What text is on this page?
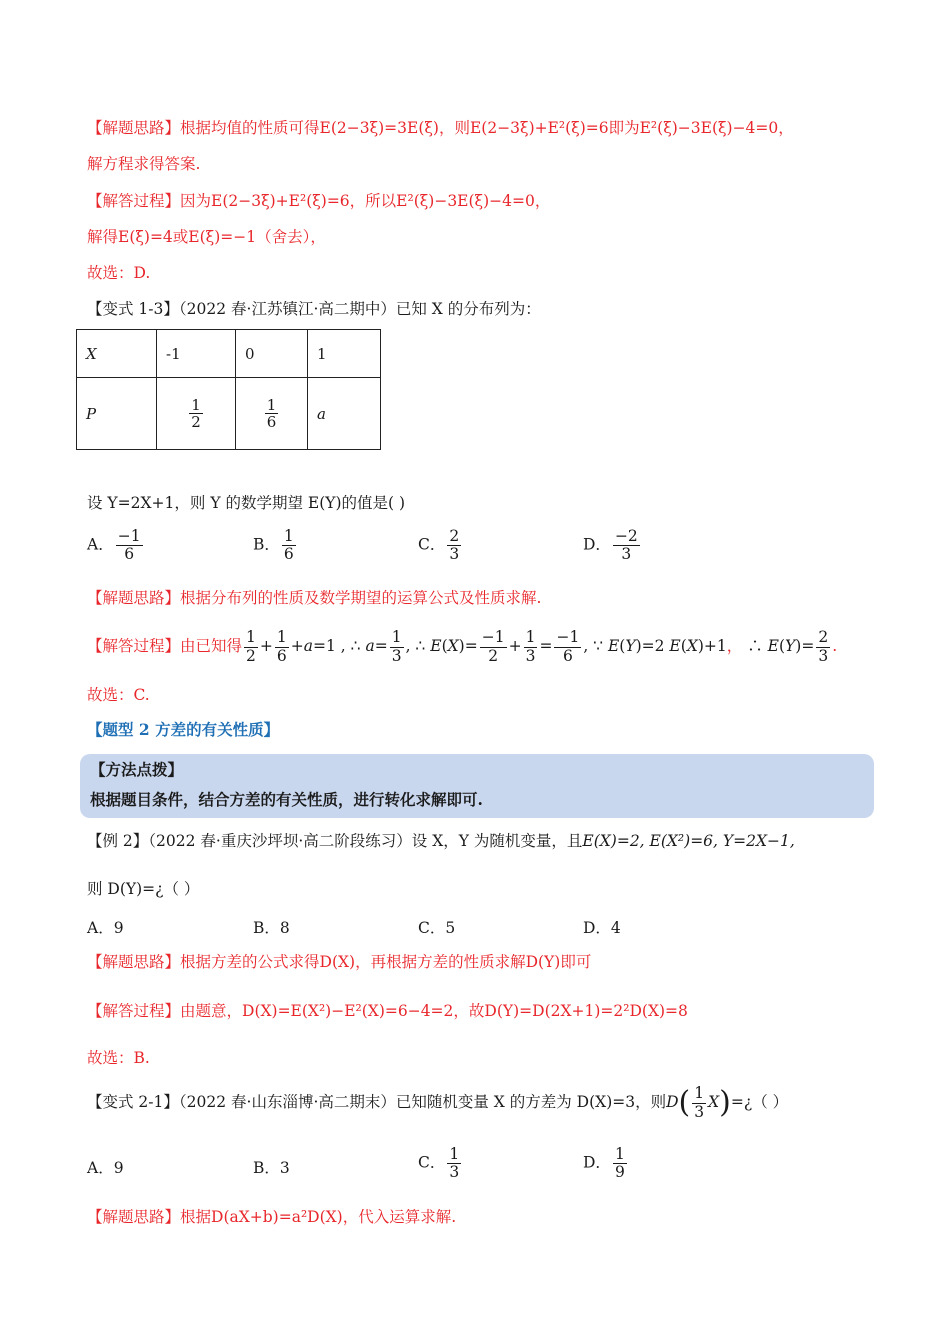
【解题思路】根据均值的性质可得E(2−3ξ)=3E(ξ)，则E(2−3ξ)+E²(ξ)=6即为E²(ξ)−3E(ξ)−4=0，
解方程求得答案.
【解答过程】因为E(2−3ξ)+E²(ξ)=6，所以E²(ξ)−3E(ξ)−4=0，
解得E(ξ)=4或E(ξ)=−1（舍去），
故选：D.
【变式 1-3】（2022 春·江苏镇江·高二期中）已知 X 的分布列为：
X	-1	0	1
P	$\frac{1}{2}$	$\frac{1}{6}$	a
设 Y=2X+1，则 Y 的数学期望 E(Y)的值是( )
A． $\frac{-1}{6}$	B． $\frac{1}{6}$	C． $\frac{2}{3}$	D． $\frac{-2}{3}$
【解题思路】根据分布列的性质及数学期望的运算公式及性质求解.
【解答过程】由已知得 $\frac{1}{2} + \frac{1}{6} +a=1$ , ∴ $a= \frac{1}{3}$ , ∴ $E(X)= \frac{-1}{2} + \frac{1}{3} = \frac{-1}{6}$ , ∵ E(Y)=2 E(X)+1， ∴ $E(Y)= \frac{2}{3}$ .
故选：C.
【题型 2 方差的有关性质】
【方法点拨】
根据题目条件，结合方差的有关性质，进行转化求解即可.
【例 2】（2022 春·重庆沙坪坝·高二阶段练习）设 X，Y 为随机变量，且E(X)=2, E(X²)=6, Y=2X−1,
则 D(Y)=¿（ ）
A．9	B．8	C．5	D．4
【解题思路】根据方差的公式求得D(X)，再根据方差的性质求解D(Y)即可
【解答过程】由题意，D(X)=E(X²)−E²(X)=6−4=2，故D(Y)=D(2X+1)=2²D(X)=8
故选：B.
【变式 2-1】（2022 春·山东淄博·高二期末）已知随机变量 X 的方差为 D(X)=3，则$D( \frac{1}{3}$ X)=¿（ ）
A．9	B．3	C． $\frac{1}{3}$	D． $\frac{1}{9}$
【解题思路】根据D(aX+b)=a²D(X)，代入运算求解.
